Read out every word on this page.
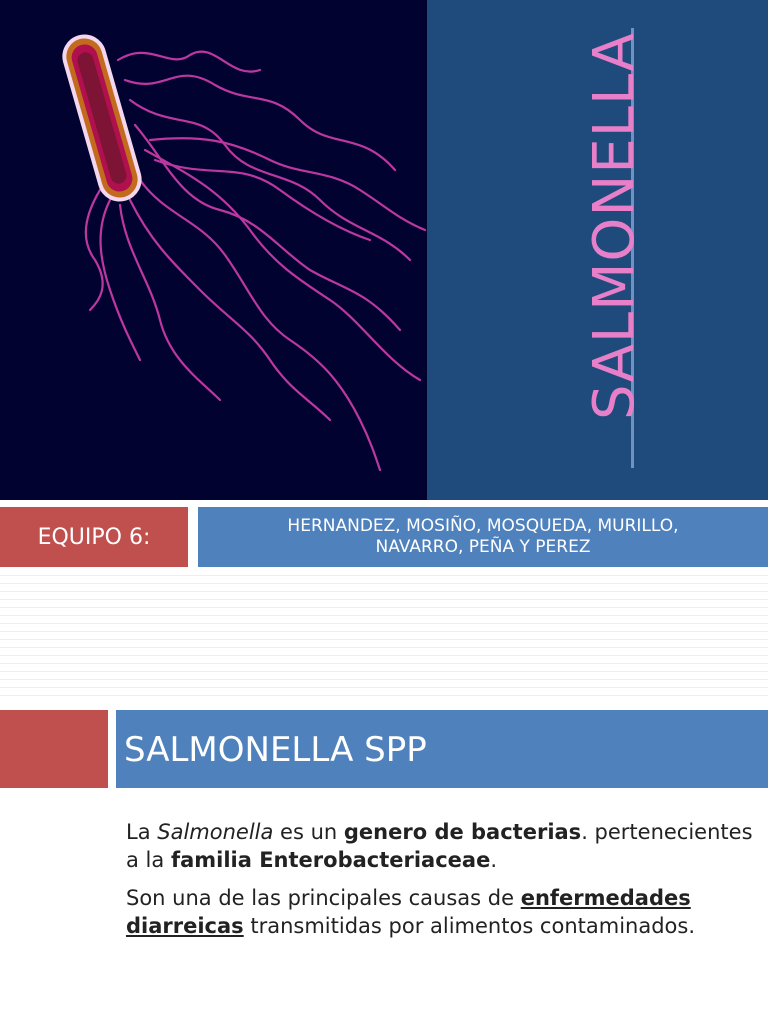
SALMONELLA
EQUIPO 6:	HERNANDEZ, MOSIÑO, MOSQUEDA, MURILLO,
NAVARRO, PEÑA Y PEREZ
SALMONELLA SPP

La Salmonella es un genero de bacterias. pertenecientes a la familia Enterobacteriaceae.

Son una de las principales causas de enfermedades diarreicas transmitidas por alimentos contaminados.
